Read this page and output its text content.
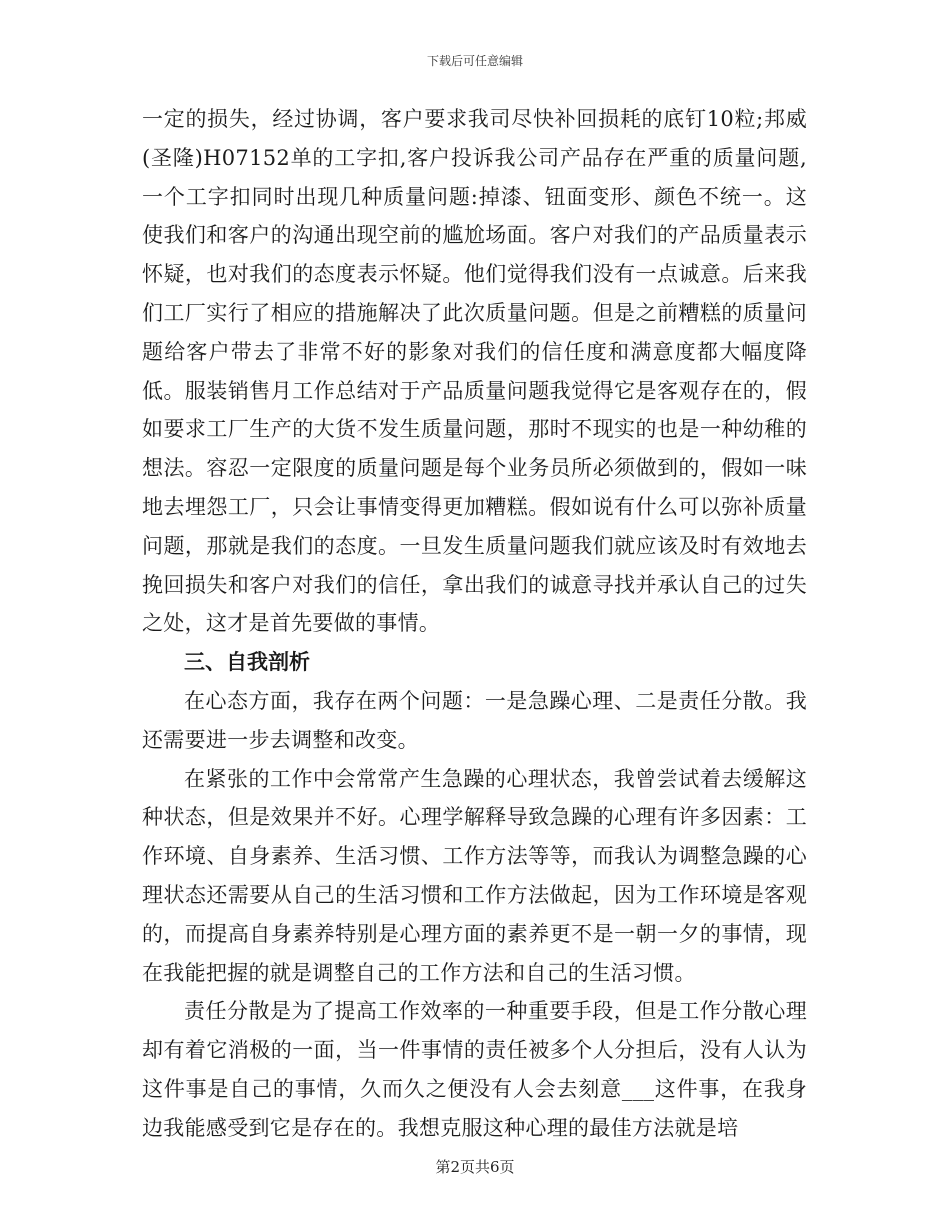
下载后可任意编辑

一定的损失，经过协调，客户要求我司尽快补回损耗的底钉10粒;邦威(圣隆)H07152单的工字扣,客户投诉我公司产品存在严重的质量问题,一个工字扣同时出现几种质量问题:掉漆、钮面变形、颜色不统一。这使我们和客户的沟通出现空前的尴尬场面。客户对我们的产品质量表示怀疑，也对我们的态度表示怀疑。他们觉得我们没有一点诚意。后来我们工厂实行了相应的措施解决了此次质量问题。但是之前糟糕的质量问题给客户带去了非常不好的影象对我们的信任度和满意度都大幅度降低。服装销售月工作总结对于产品质量问题我觉得它是客观存在的，假如要求工厂生产的大货不发生质量问题，那时不现实的也是一种幼稚的想法。容忍一定限度的质量问题是每个业务员所必须做到的，假如一味地去埋怨工厂，只会让事情变得更加糟糕。假如说有什么可以弥补质量问题，那就是我们的态度。一旦发生质量问题我们就应该及时有效地去挽回损失和客户对我们的信任，拿出我们的诚意寻找并承认自己的过失之处，这才是首先要做的事情。

三、自我剖析

在心态方面，我存在两个问题：一是急躁心理、二是责任分散。我还需要进一步去调整和改变。

在紧张的工作中会常常产生急躁的心理状态，我曾尝试着去缓解这种状态，但是效果并不好。心理学解释导致急躁的心理有许多因素：工作环境、自身素养、生活习惯、工作方法等等，而我认为调整急躁的心理状态还需要从自己的生活习惯和工作方法做起，因为工作环境是客观的，而提高自身素养特别是心理方面的素养更不是一朝一夕的事情，现在我能把握的就是调整自己的工作方法和自己的生活习惯。

责任分散是为了提高工作效率的一种重要手段，但是工作分散心理却有着它消极的一面，当一件事情的责任被多个人分担后，没有人认为这件事是自己的事情，久而久之便没有人会去刻意___这件事，在我身边我能感受到它是存在的。我想克服这种心理的最佳方法就是培

第2页共6页
